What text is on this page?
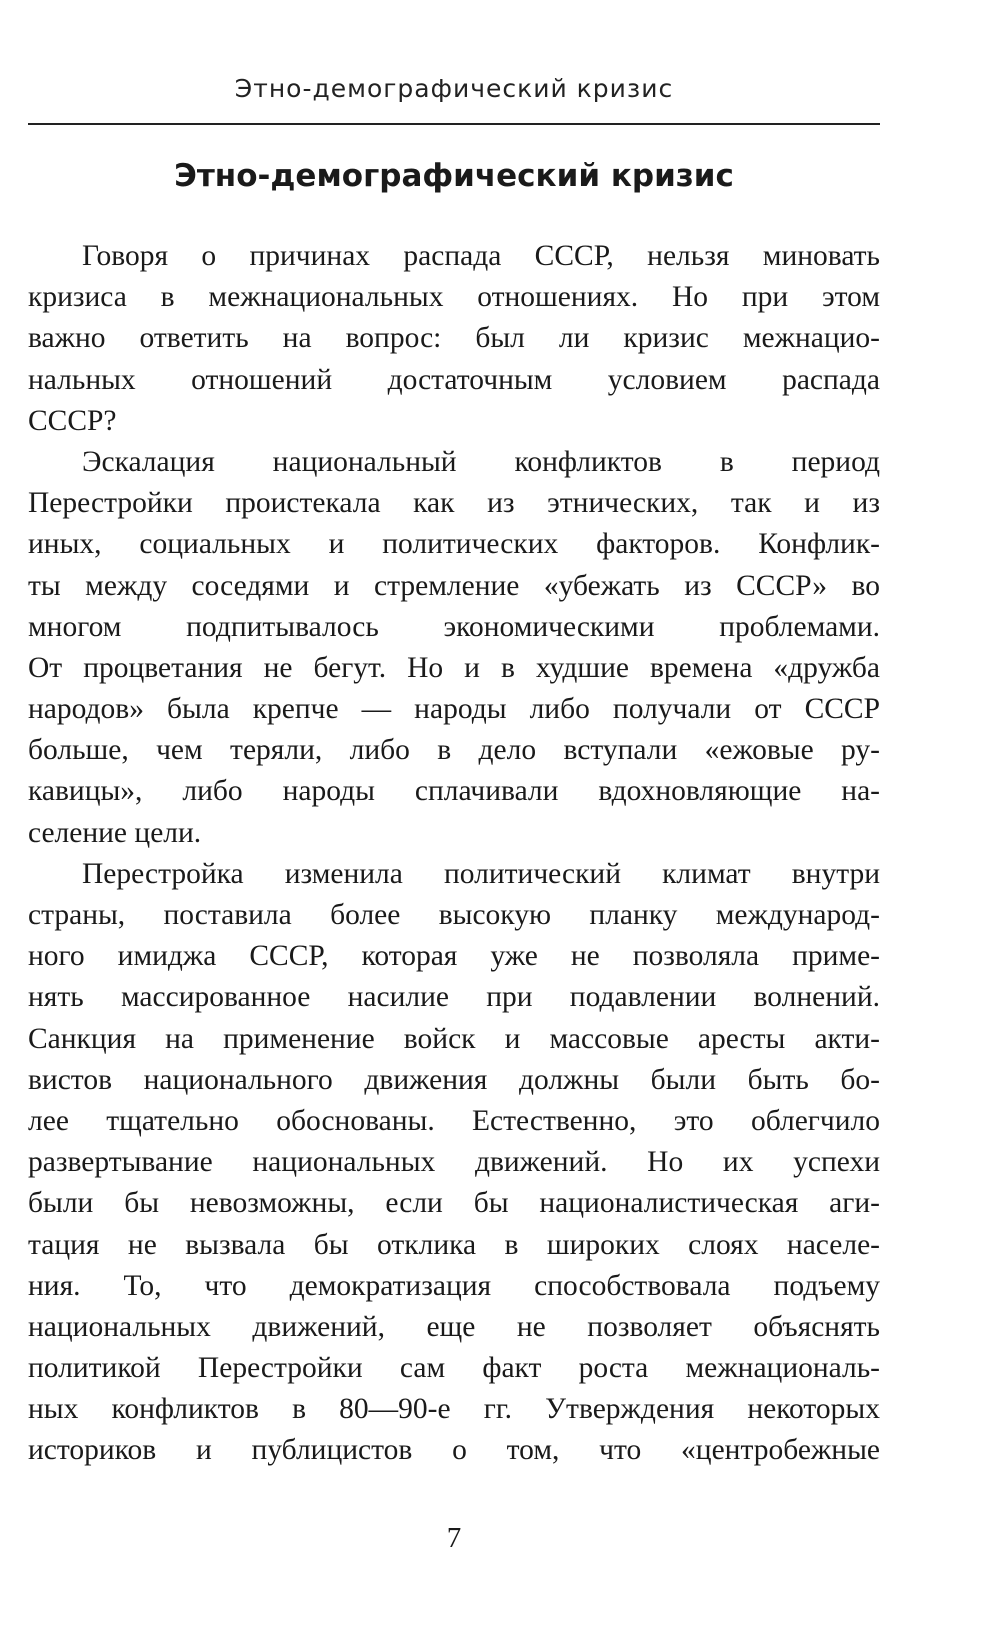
Этно-демографический кризис
Этно-демографический кризис
Говоря о причинах распада СССР, нельзя миновать
кризиса в межнациональных отношениях. Но при этом
важно ответить на вопрос: был ли кризис межнацио-
нальных отношений достаточным условием распада
СССР?
Эскалация национальный конфликтов в период
Перестройки проистекала как из этнических, так и из
иных, социальных и политических факторов. Конфлик-
ты между соседями и стремление «убежать из СССР» во
многом подпитывалось экономическими проблемами.
От процветания не бегут. Но и в худшие времена «дружба
народов» была крепче — народы либо получали от СССР
больше, чем теряли, либо в дело вступали «ежовые ру-
кавицы», либо народы сплачивали вдохновляющие на-
селение цели.
Перестройка изменила политический климат внутри
страны, поставила более высокую планку международ-
ного имиджа СССР, которая уже не позволяла приме-
нять массированное насилие при подавлении волнений.
Санкция на применение войск и массовые аресты акти-
вистов национального движения должны были быть бо-
лее тщательно обоснованы. Естественно, это облегчило
развертывание национальных движений. Но их успехи
были бы невозможны, если бы националистическая аги-
тация не вызвала бы отклика в широких слоях населе-
ния. То, что демократизация способствовала подъему
национальных движений, еще не позволяет объяснять
политикой Перестройки сам факт роста межнациональ-
ных конфликтов в 80—90-е гг. Утверждения некоторых
историков и публицистов о том, что «центробежные
7
